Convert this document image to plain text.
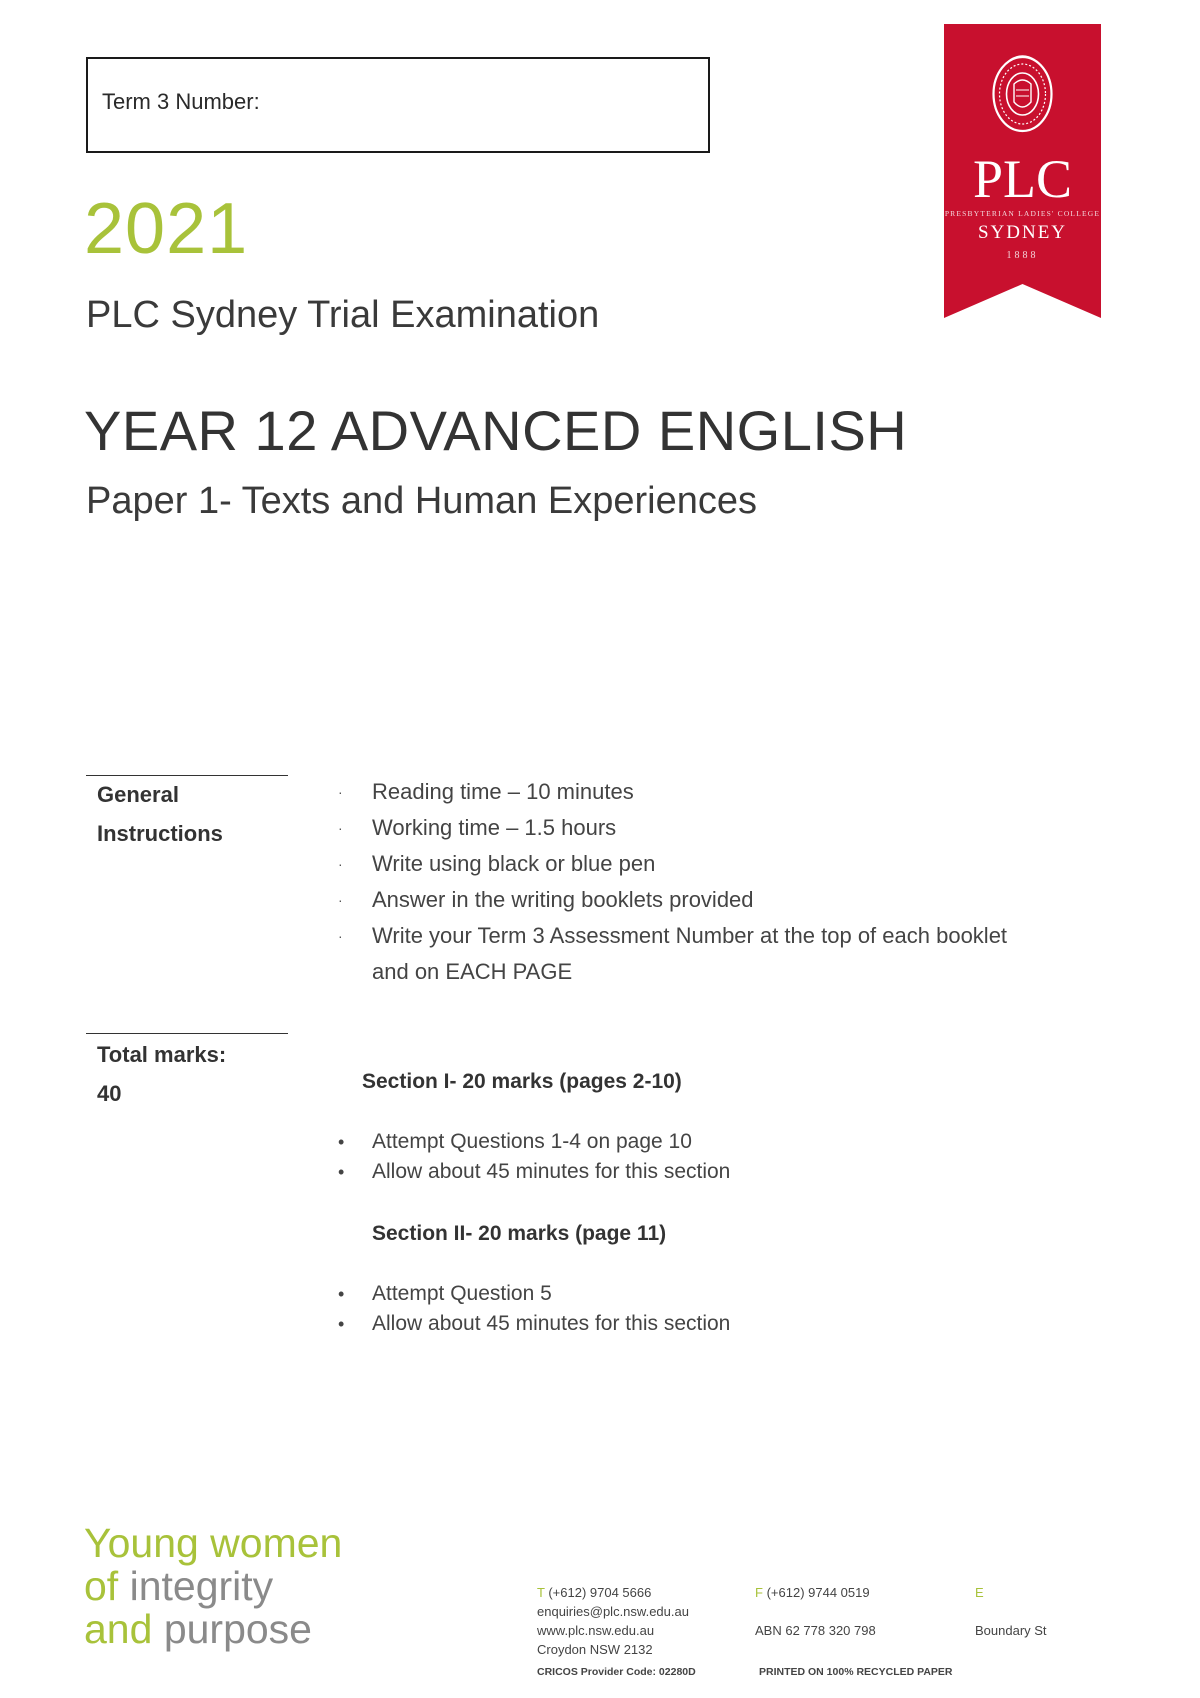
Term 3 Number:
PLC
PRESBYTERIAN LADIES' COLLEGE
SYDNEY
1888
2021
PLC Sydney Trial Examination
YEAR 12 ADVANCED ENGLISH
Paper 1- Texts and Human Experiences
General
Instructions
· Reading time – 10 minutes
· Working time – 1.5 hours
· Write using black or blue pen
· Answer in the writing booklets provided
· Write your Term 3 Assessment Number at the top of each booklet
and on EACH PAGE
Total marks:
40	Section I- 20 marks (pages 2-10)
• Attempt Questions 1-4 on page 10
• Allow about 45 minutes for this section
Section II- 20 marks (page 11)
• Attempt Question 5
• Allow about 45 minutes for this section
Young women
of integrity
and purpose
T (+612) 9704 5666
enquiries@plc.nsw.edu.au
www.plc.nsw.edu.au
Croydon NSW 2132
F (+612) 9744 0519
ABN 62 778 320 798
E
Boundary St
CRICOS Provider Code: 02280D	PRINTED ON 100% RECYCLED PAPER
